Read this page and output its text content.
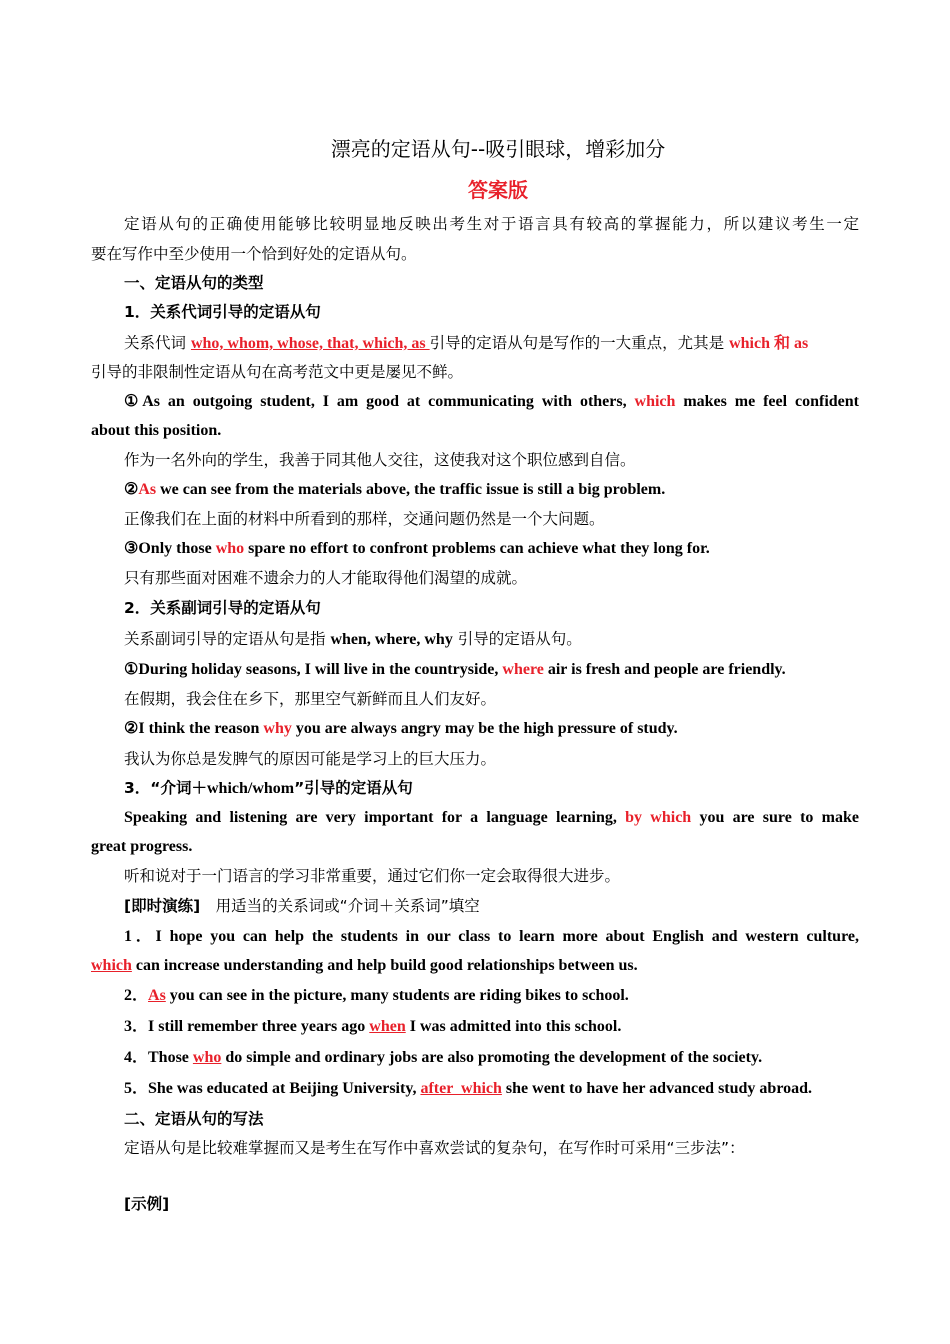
漂亮的定语从句--吸引眼球，增彩加分
答案版
定语从句的正确使用能够比较明显地反映出考生对于语言具有较高的掌握能力，所以建议考生一定
要在写作中至少使用一个恰到好处的定语从句。
一、定语从句的类型
1．关系代词引导的定语从句
关系代词 who, whom, whose, that, which, as 引导的定语从句是写作的一大重点，尤其是 which 和 as
引导的非限制性定语从句在高考范文中更是屡见不鲜。
①As an outgoing student, I am good at communicating with others, which makes me feel confident
about this position.
作为一名外向的学生，我善于同其他人交往，这使我对这个职位感到自信。
②As we can see from the materials above, the traffic issue is still a big problem.
正像我们在上面的材料中所看到的那样，交通问题仍然是一个大问题。
③Only those who spare no effort to confront problems can achieve what they long for.
只有那些面对困难不遗余力的人才能取得他们渴望的成就。
2．关系副词引导的定语从句
关系副词引导的定语从句是指 when, where, why 引导的定语从句。
①During holiday seasons, I will live in the countryside, where air is fresh and people are friendly.
在假期，我会住在乡下，那里空气新鲜而且人们友好。
②I think the reason why you are always angry may be the high pressure of study.
我认为你总是发脾气的原因可能是学习上的巨大压力。
3．“介词＋which/whom”引导的定语从句
Speaking and listening are very important for a language learning, by which you are sure to make
great progress.
听和说对于一门语言的学习非常重要，通过它们你一定会取得很大进步。
[即时演练]　用适当的关系词或“介词＋关系词”填空
1．I hope you can help the students in our class to learn more about English and western culture,
which can increase understanding and help build good relationships between us.
2．As you can see in the picture, many students are riding bikes to school.
3．I still remember three years ago when I was admitted into this school.
4．Those who do simple and ordinary jobs are also promoting the development of the society.
5．She was educated at Beijing University, after  which she went to have her advanced study abroad.
二、定语从句的写法
定语从句是比较难掌握而又是考生在写作中喜欢尝试的复杂句，在写作时可采用“三步法”：
[示例]
